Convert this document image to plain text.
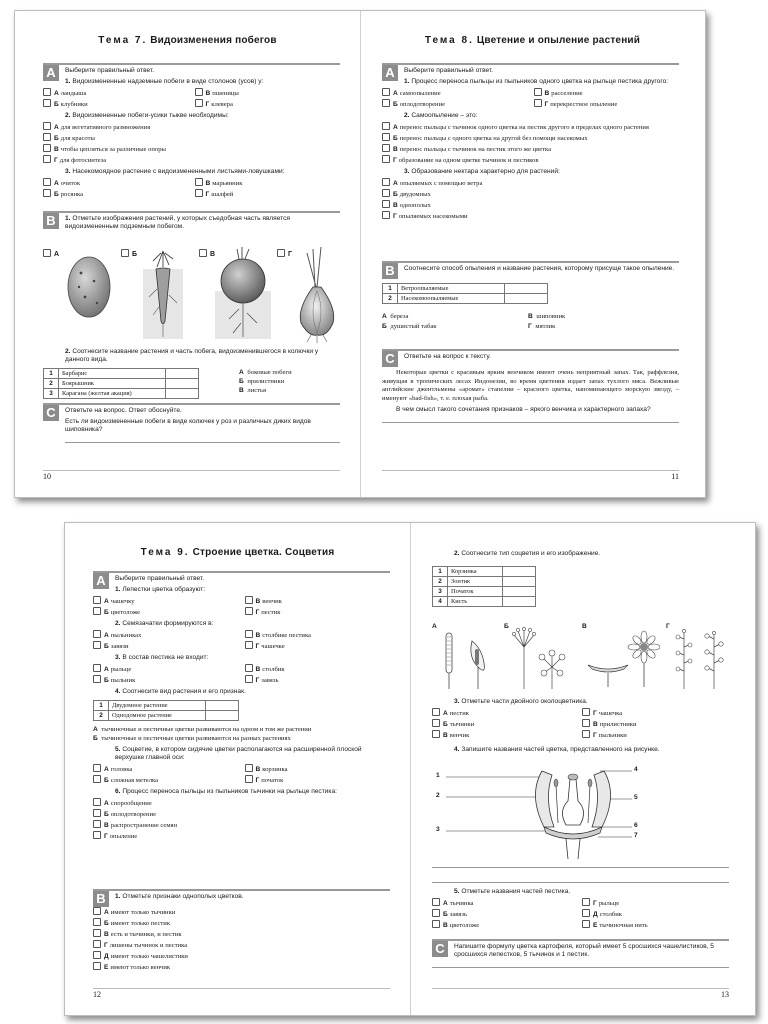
Тема 7. Видоизменения побегов
A	Выберите правильный ответ.
1. Видоизмененные надземные побеги в виде столонов (усов) у:
А ландыша	В пшеницы
Б клубники	Г клевера
2. Видоизмененные побеги-усики тыкве необходимы:
А для вегетативного размножения
Б для красоты
В чтобы цепляться за различные опоры
Г для фотосинтеза
3. Насекомоядное растение с видоизмененными листьями-ловушками:
А очиток	В марьянник
Б росянка	Г шалфей
B	1. Отметьте изображения растений, у которых съедобная часть является видоизмененным подземным побегом.
А	Б	В	Г
2. Соотнесите название растения и часть побега, видоизменившегося в колючки у данного вида.
1	Барбарис	
2	Боярышник	
3	Карагана (желтая акация)	
А боковые побеги
Б прилистники
В листья
C	Ответьте на вопрос. Ответ обоснуйте.
Есть ли видоизмененные побеги в виде колючек у роз и различных диких видов шиповника?
10
Тема 8. Цветение и опыление растений
A	Выберите правильный ответ.
1. Процесс переноса пыльцы из пыльников одного цветка на рыльце пестика другого:
А самоопыление	В расселение
Б оплодотворение	Г перекрестное опыление
2. Самоопыление – это:
А перенос пыльцы с тычинок одного цветка на пестик другого в пределах одного растения
Б перенос пыльцы с одного цветка на другой без помощи насекомых
В перенос пыльцы с тычинок на пестик этого же цветка
Г образование на одном цветке тычинок и пестиков
3. Образование нектара характерно для растений:
А опыляемых с помощью ветра
Б двудомных
В однополых
Г опыляемых насекомыми
B	Соотнесите способ опыления и название растения, которому присуще такое опыление.
1	Ветроопыляемые	
2	Насекомоопыляемые	
А береза	В шиповник
Б душистый табак	Г мятлик
C	Ответьте на вопрос к тексту.
Некоторые цветки с красивым ярким венчиком имеют очень неприятный запах. Так, раффлезия, живущая в тропических лесах Индонезии, во время цветения издает запах тухлого мяса. Вежливые английские джентльмены «аромат» стапелии – красного цветка, напоминающего морскую звезду, – именуют «bad-fish», т. е. плохая рыба.
В чем смысл такого сочетания признаков – яркого венчика и характерного запаха?
11
Тема 9. Строение цветка. Соцветия
A	Выберите правильный ответ.
1. Лепестки цветка образуют:
А чашечку	В венчик
Б цветоложе	Г пестик
2. Семязачатки формируются в:
А пыльниках	В столбике пестика
Б завязи	Г чашечке
3. В состав пестика не входит:
А рыльце	В столбик
Б пыльник	Г завязь
4. Соотнесите вид растения и его признак.
1	Двудомное растение	
2	Однодомное растение	
А тычиночные и пестичные цветки развиваются на одном и том же растении
Б тычиночные и пестичные цветки развиваются на разных растениях
5. Соцветие, в котором сидячие цветки располагаются на расширенной плоской верхушке главной оси:
А головка	В корзинка
Б сложная метелка	Г початок
6. Процесс переноса пыльцы из пыльников тычинки на рыльце пестика:
А спорообщение
Б оплодотворение
В распространение семян
Г опыление
B	1. Отметьте признаки однополых цветков.
А имеют только тычинки
Б имеют только пестик
В есть и тычинки, и пестик
Г лишены тычинок и пестика
Д имеют только чашелистики
Е имеют только венчик
12
2. Соотнесите тип соцветия и его изображение.
1	Корзинка	
2	Зонтик	
3	Початок	
4	Кисть	
А	Б	В	Г
3. Отметьте части двойного околоцветника.
А пестик	Г чашечка
Б тычинки	В прилистники
В венчик	Г пыльники
4. Запишите названия частей цветка, представленного на рисунке.
1
2
3
4
5
6
7
5. Отметьте названия частей пестика.
А тычинка	Г рыльце
Б завязь	Д столбик
В цветоложе	Е тычиночная нить
C	Напишите формулу цветка картофеля, который имеет 5 сросшихся чашелистиков, 5 сросшихся лепестков, 5 тычинок и 1 пестик.
13
